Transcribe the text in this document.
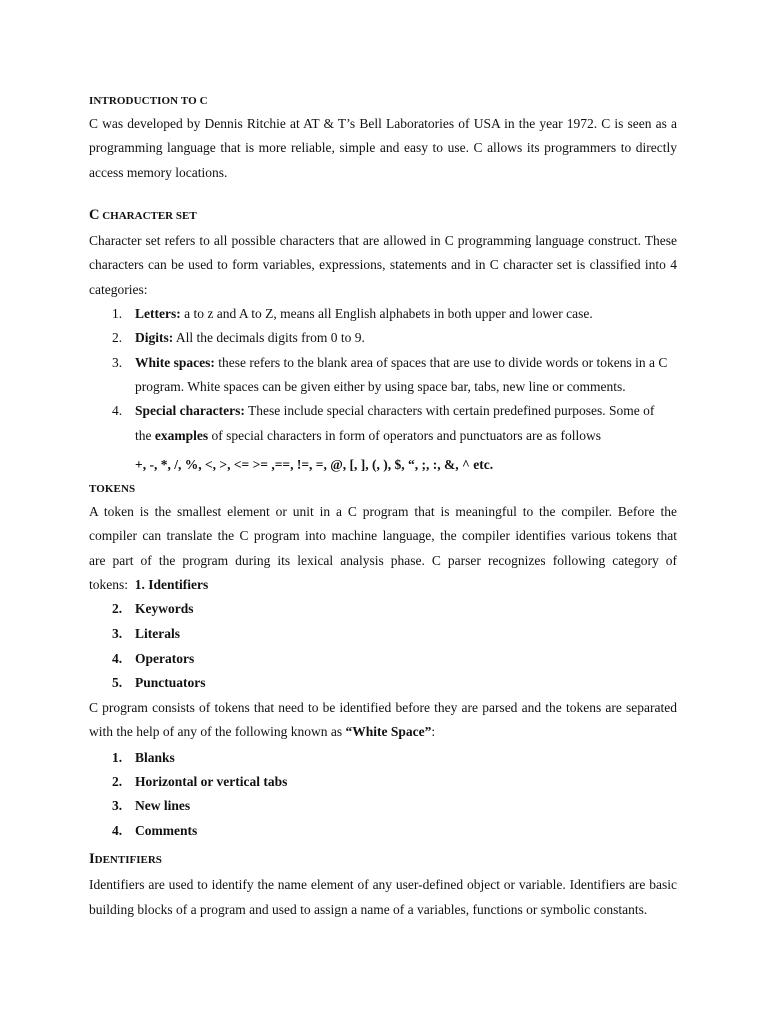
INTRODUCTION TO C
C was developed by Dennis Ritchie at AT & T’s Bell Laboratories of USA in the year 1972. C is seen as a
programming language that is more reliable, simple and easy to use. C allows its programmers to directly
access memory locations.
C CHARACTER SET
Character set refers to all possible characters that are allowed in C programming language construct. These
characters can be used to form variables, expressions, statements and in C character set is classified into 4
categories:
1. Letters: a to z and A to Z, means all English alphabets in both upper and lower case.
2. Digits: All the decimals digits from 0 to 9.
3. White spaces: these refers to the blank area of spaces that are use to divide words or tokens in a C
program. White spaces can be given either by using space bar, tabs, new line or comments.
4. Special characters: These include special characters with certain predefined purposes. Some of
the examples of special characters in form of operators and punctuators are as follows
+, -, *, /, %, <, >, <= >= ,==, !=, =, @, [, ], (, ), $, “, ;, :, &, ^ etc.
TOKENS
A token is the smallest element or unit in a C program that is meaningful to the compiler. Before the
compiler can translate the C program into machine language, the compiler identifies various tokens that
are part of the program during its lexical analysis phase. C parser recognizes following category of
tokens: 1. Identifiers
2. Keywords
3. Literals
4. Operators
5. Punctuators
C program consists of tokens that need to be identified before they are parsed and the tokens are separated
with the help of any of the following known as “White Space”:
1. Blanks
2. Horizontal or vertical tabs
3. New lines
4. Comments
IDENTIFIERS
Identifiers are used to identify the name element of any user-defined object or variable. Identifiers are basic
building blocks of a program and used to assign a name of a variables, functions or symbolic constants.
